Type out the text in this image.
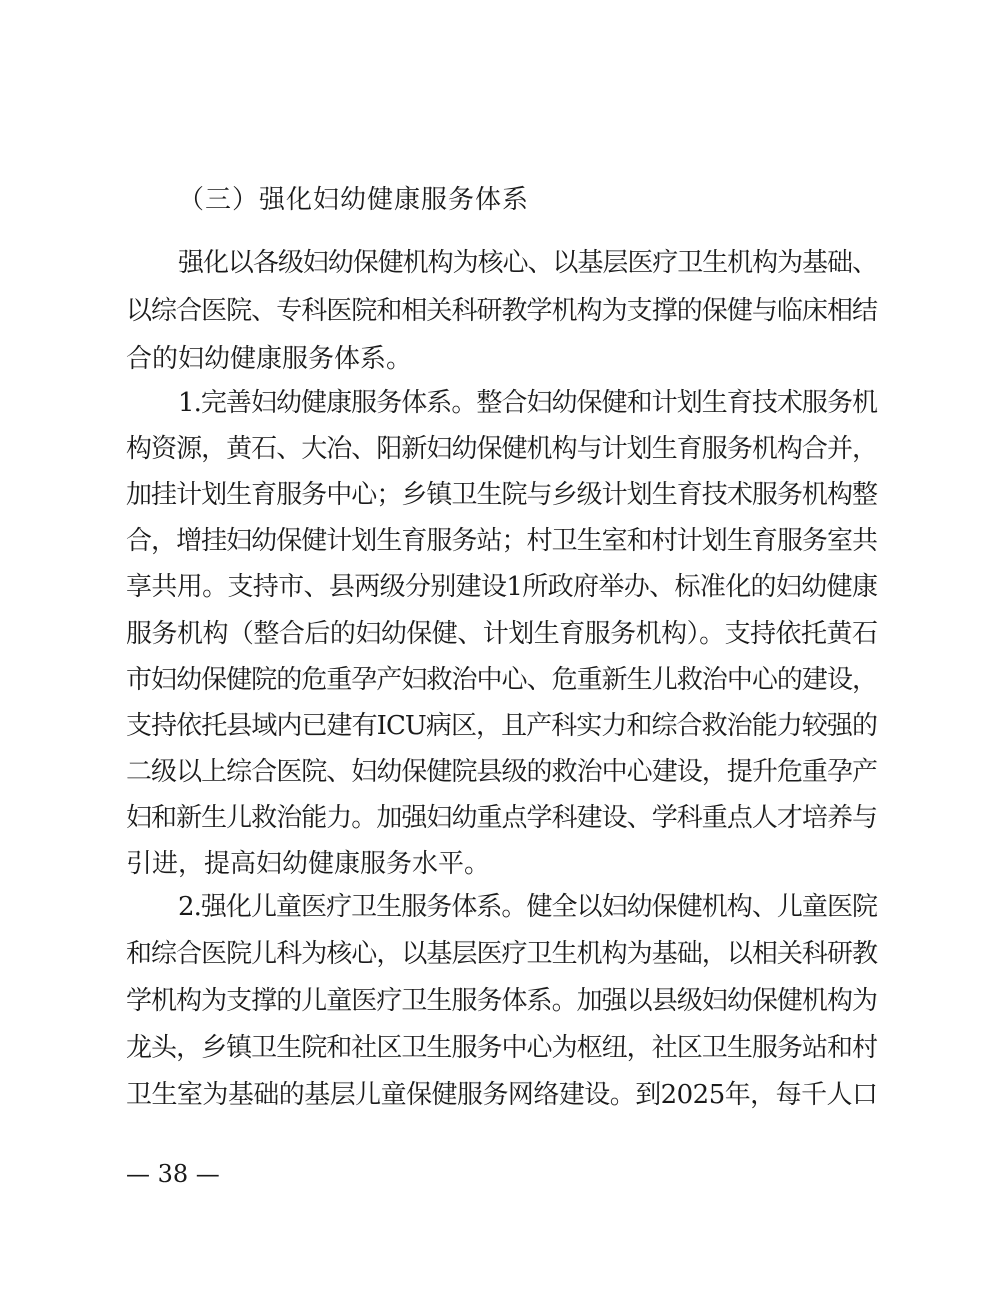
（三）强化妇幼健康服务体系
强化以各级妇幼保健机构为核心、以基层医疗卫生机构为基础、
以综合医院、专科医院和相关科研教学机构为支撑的保健与临床相结
合的妇幼健康服务体系。
1.完善妇幼健康服务体系。整合妇幼保健和计划生育技术服务机
构资源，黄石、大冶、阳新妇幼保健机构与计划生育服务机构合并，
加挂计划生育服务中心；乡镇卫生院与乡级计划生育技术服务机构整
合，增挂妇幼保健计划生育服务站；村卫生室和村计划生育服务室共
享共用。支持市、县两级分别建设1所政府举办、标准化的妇幼健康
服务机构（整合后的妇幼保健、计划生育服务机构）。支持依托黄石
市妇幼保健院的危重孕产妇救治中心、危重新生儿救治中心的建设，
支持依托县域内已建有ICU病区，且产科实力和综合救治能力较强的
二级以上综合医院、妇幼保健院县级的救治中心建设，提升危重孕产
妇和新生儿救治能力。加强妇幼重点学科建设、学科重点人才培养与
引进，提高妇幼健康服务水平。
2.强化儿童医疗卫生服务体系。健全以妇幼保健机构、儿童医院
和综合医院儿科为核心，以基层医疗卫生机构为基础，以相关科研教
学机构为支撑的儿童医疗卫生服务体系。加强以县级妇幼保健机构为
龙头，乡镇卫生院和社区卫生服务中心为枢纽，社区卫生服务站和村
卫生室为基础的基层儿童保健服务网络建设。到2025年，每千人口
— 38 —
